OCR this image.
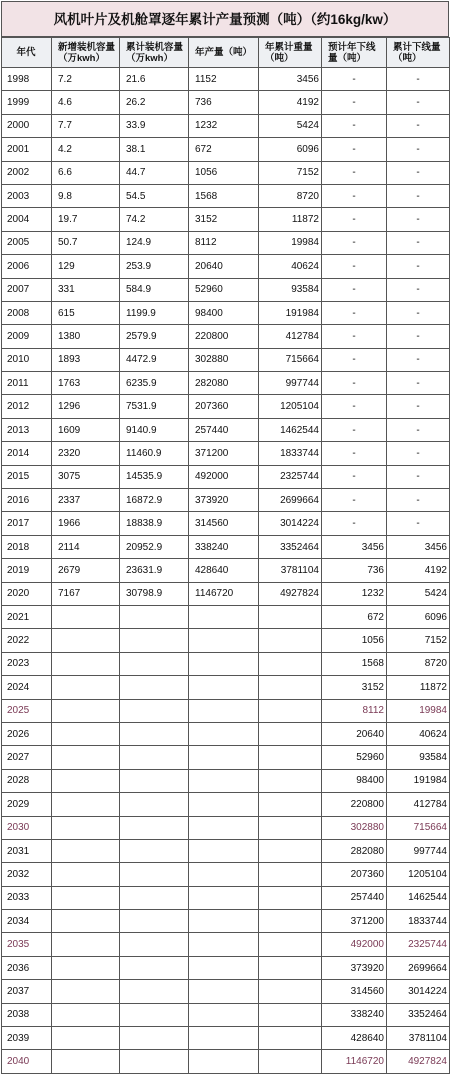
风机叶片及机舱罩逐年累计产量预测（吨）（约16kg/kw）
年代	新增装机容量（万kwh）	累计装机容量（万kwh）	年产量（吨）	年累计重量（吨）	预计年下线量（吨）	累计下线量（吨）

1998	7.2	21.6	1152	3456	-	-
1999	4.6	26.2	736	4192	-	-
2000	7.7	33.9	1232	5424	-	-
2001	4.2	38.1	672	6096	-	-
2002	6.6	44.7	1056	7152	-	-
2003	9.8	54.5	1568	8720	-	-
2004	19.7	74.2	3152	11872	-	-
2005	50.7	124.9	8112	19984	-	-
2006	129	253.9	20640	40624	-	-
2007	331	584.9	52960	93584	-	-
2008	615	1199.9	98400	191984	-	-
2009	1380	2579.9	220800	412784	-	-
2010	1893	4472.9	302880	715664	-	-
2011	1763	6235.9	282080	997744	-	-
2012	1296	7531.9	207360	1205104	-	-
2013	1609	9140.9	257440	1462544	-	-
2014	2320	11460.9	371200	1833744	-	-
2015	3075	14535.9	492000	2325744	-	-
2016	2337	16872.9	373920	2699664	-	-
2017	1966	18838.9	314560	3014224	-	-
2018	2114	20952.9	338240	3352464	3456	3456
2019	2679	23631.9	428640	3781104	736	4192
2020	7167	30798.9	1146720	4927824	1232	5424
2021					672	6096
2022					1056	7152
2023					1568	8720
2024					3152	11872
2025					8112	19984
2026					20640	40624
2027					52960	93584
2028					98400	191984
2029					220800	412784
2030					302880	715664
2031					282080	997744
2032					207360	1205104
2033					257440	1462544
2034					371200	1833744
2035					492000	2325744
2036					373920	2699664
2037					314560	3014224
2038					338240	3352464
2039					428640	3781104
2040					1146720	4927824
